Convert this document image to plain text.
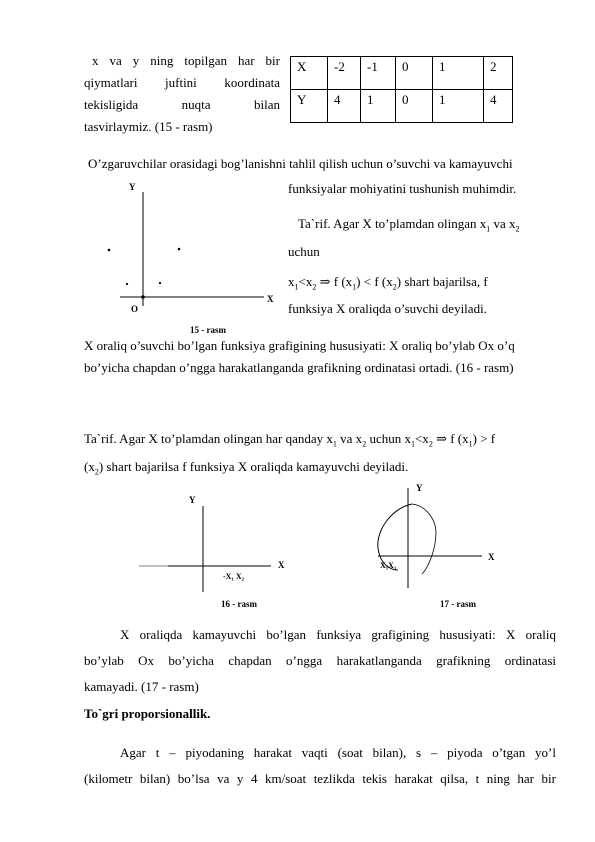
x va y ning topilgan har bir
qiymatlari juftini koordinata
tekisligida nuqta bilan
tasvirlaymiz. (15 - rasm)
X	-2	-1	0	1	2
Y	4	1	0	1	4
O’zgaruvchilar orasidagi bog’lanishni tahlil qilish uchun o’suvchi va kamayuvchi
funksiyalar mohiyatini tushunish muhimdir.
Y
X
O
15 - rasm
Ta`rif. Agar X to’plamdan olingan $x_1$ va $x_2$
uchun
$x_1<x_2$ ⇒ f $(x_1) < f$ $(x_2)$ shart bajarilsa, f
funksiya X oraliqda o’suvchi deyiladi.
X oraliq o’suvchi bo’lgan funksiya grafigining hususiyati: X oraliq bo’ylab Ox o’q
bo’yicha chapdan o’ngga harakatlanganda grafikning ordinatasi ortadi. (16 - rasm)
Ta`rif. Agar X to’plamdan olingan har qanday $x_1$ va $x_2$ uchun $x_1<x_2$ ⇒ f $(x_1) > f$
$(x_2)$ shart bajarilsa f funksiya X oraliqda kamayuvchi deyiladi.
Y
X
-X₁ X₂
16 - rasm
Y
X
X₁X₁
17 - rasm
X oraliqda kamayuvchi bo’lgan funksiya grafigining hususiyati: X oraliq
bo’ylab Ox bo’yicha chapdan o’ngga harakatlanganda grafikning ordinatasi
kamayadi. (17 - rasm)
To`gri proporsionallik.
Agar t – piyodaning harakat vaqti (soat bilan), s – piyoda o’tgan yo’l
(kilometr bilan) bo’lsa va y 4 km/soat tezlikda tekis harakat qilsa, t ning har bir
